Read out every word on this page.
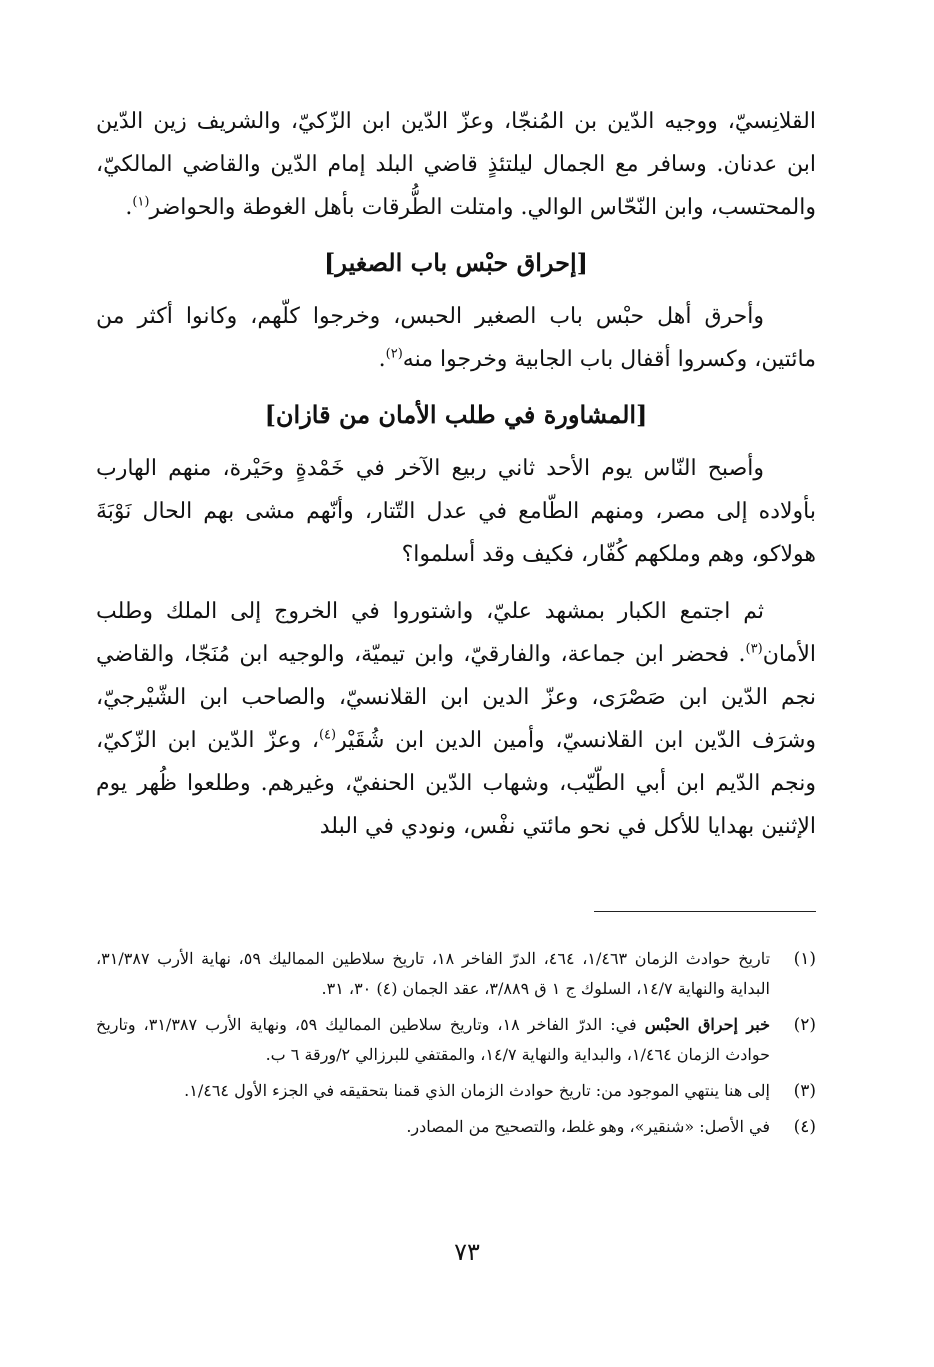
القلانِسيّ، ووجيه الدّين بن المُنجّا، وعزّ الدّين ابن الزّكيّ، والشريف زين الدّين ابن عدنان. وسافر مع الجمال ليلتئذٍ قاضي البلد إمام الدّين والقاضي المالكيّ، والمحتسب، وابن النّحّاس الوالي. وامتلت الطُّرقات بأهل الغوطة والحواضر$^{(١)}$.

[إحراق حبْس باب الصغير]

وأحرق أهل حبْس باب الصغير الحبس، وخرجوا كلّهم، وكانوا أكثر من مائتين، وكسروا أقفال باب الجابية وخرجوا منه$^{(٢)}$.

[المشاورة في طلب الأمان من قازان]

وأصبح النّاس يوم الأحد ثاني ربيع الآخر في خَمْدةٍ وحَيْرة، منهم الهارب بأولاده إلى مصر، ومنهم الطّامع في عدل التّتار، وأنّهم مشى بهم الحال نَوْبَةَ هولاكو، وهم وملكهم كُفّار، فكيف وقد أسلموا؟

ثم اجتمع الكبار بمشهد عليّ، واشتوروا في الخروج إلى الملك وطلب الأمان$^{(٣)}$. فحضر ابن جماعة، والفارقيّ، وابن تيميّة، والوجيه ابن مُنَجّا، والقاضي نجم الدّين ابن صَصْرَى، وعزّ الدين ابن القلانسيّ، والصاحب ابن الشّيْرجيّ، وشرَف الدّين ابن القلانسيّ، وأمين الدين ابن شُقَيْر$^{(٤)}$، وعزّ الدّين ابن الزّكيّ، ونجم الدّيم ابن أبي الطّيّب، وشهاب الدّين الحنفيّ، وغيرهم. وطلعوا ظُهر يوم الإثنين بهدايا للأكل في نحو مائتي نفْس، ونودي في البلد

(١)
تاريخ حوادث الزمان ١/٤٦٣، ٤٦٤، الدرّ الفاخر ١٨، تاريخ سلاطين المماليك ٥٩، نهاية الأرب ٣١/٣٨٧، البداية والنهاية ١٤/٧، السلوك ج ١ ق ٣/٨٨٩، عقد الجمان (٤) ٣٠، ٣١.
(٢)
خبر إحراق الحبْس في: الدرّ الفاخر ١٨، وتاريخ سلاطين المماليك ٥٩، ونهاية الأرب ٣١/٣٨٧، وتاريخ حوادث الزمان ١/٤٦٤، والبداية والنهاية ١٤/٧، والمقتفي للبرزالي ٢/ورقة ٦ ب.
(٣)
إلى هنا ينتهي الموجود من: تاريخ حوادث الزمان الذي قمنا بتحقيقه في الجزء الأول ١/٤٦٤.
(٤)
في الأصل: «شنقير»، وهو غلط، والتصحيح من المصادر.
٧٣
